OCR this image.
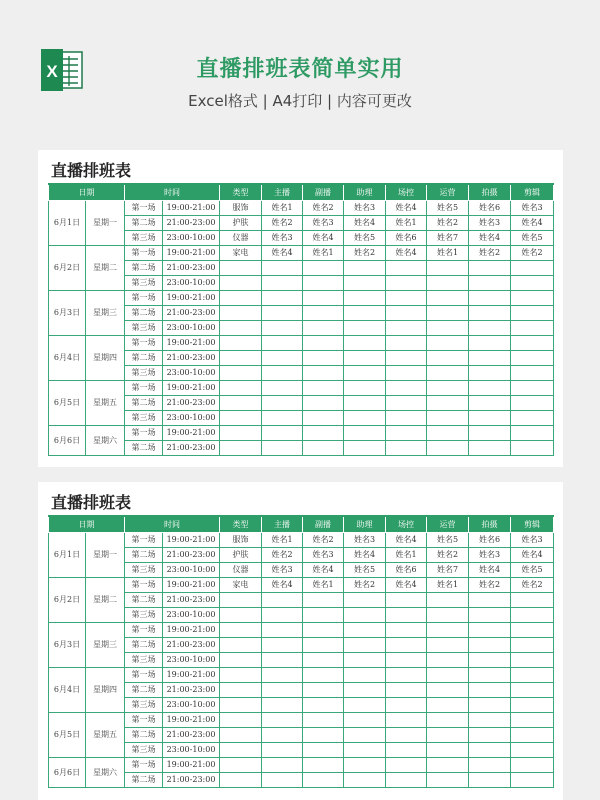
X	直播排班表简单实用
Excel格式 | A4打印 | 内容可更改
直播排班表
日期		时间		类型	主播	副播	助理	场控	运营	拍摄	剪辑
6月1日	星期一	第一场	19:00-21:00	服饰	姓名1	姓名2	姓名3	姓名4	姓名5	姓名6	姓名3
		第二场	21:00-23:00	护肤	姓名2	姓名3	姓名4	姓名1	姓名2	姓名3	姓名4
		第三场	23:00-10:00	仪器	姓名3	姓名4	姓名5	姓名6	姓名7	姓名4	姓名5
6月2日	星期二	第一场	19:00-21:00	家电	姓名4	姓名1	姓名2	姓名4	姓名1	姓名2	姓名2
		第二场	21:00-23:00								
		第三场	23:00-10:00								
6月3日	星期三	第一场	19:00-21:00								
		第二场	21:00-23:00								
		第三场	23:00-10:00								
6月4日	星期四	第一场	19:00-21:00								
		第二场	21:00-23:00								
		第三场	23:00-10:00								
6月5日	星期五	第一场	19:00-21:00								
		第二场	21:00-23:00								
		第三场	23:00-10:00								
6月6日	星期六	第一场	19:00-21:00								
		第二场	21:00-23:00								
直播排班表
日期		时间		类型	主播	副播	助理	场控	运营	拍摄	剪辑
6月1日	星期一	第一场	19:00-21:00	服饰	姓名1	姓名2	姓名3	姓名4	姓名5	姓名6	姓名3
		第二场	21:00-23:00	护肤	姓名2	姓名3	姓名4	姓名1	姓名2	姓名3	姓名4
		第三场	23:00-10:00	仪器	姓名3	姓名4	姓名5	姓名6	姓名7	姓名4	姓名5
6月2日	星期二	第一场	19:00-21:00	家电	姓名4	姓名1	姓名2	姓名4	姓名1	姓名2	姓名2
		第二场	21:00-23:00								
		第三场	23:00-10:00								
6月3日	星期三	第一场	19:00-21:00								
		第二场	21:00-23:00								
		第三场	23:00-10:00								
6月4日	星期四	第一场	19:00-21:00								
		第二场	21:00-23:00								
		第三场	23:00-10:00								
6月5日	星期五	第一场	19:00-21:00								
		第二场	21:00-23:00								
		第三场	23:00-10:00								
6月6日	星期六	第一场	19:00-21:00								
		第二场	21:00-23:00								
